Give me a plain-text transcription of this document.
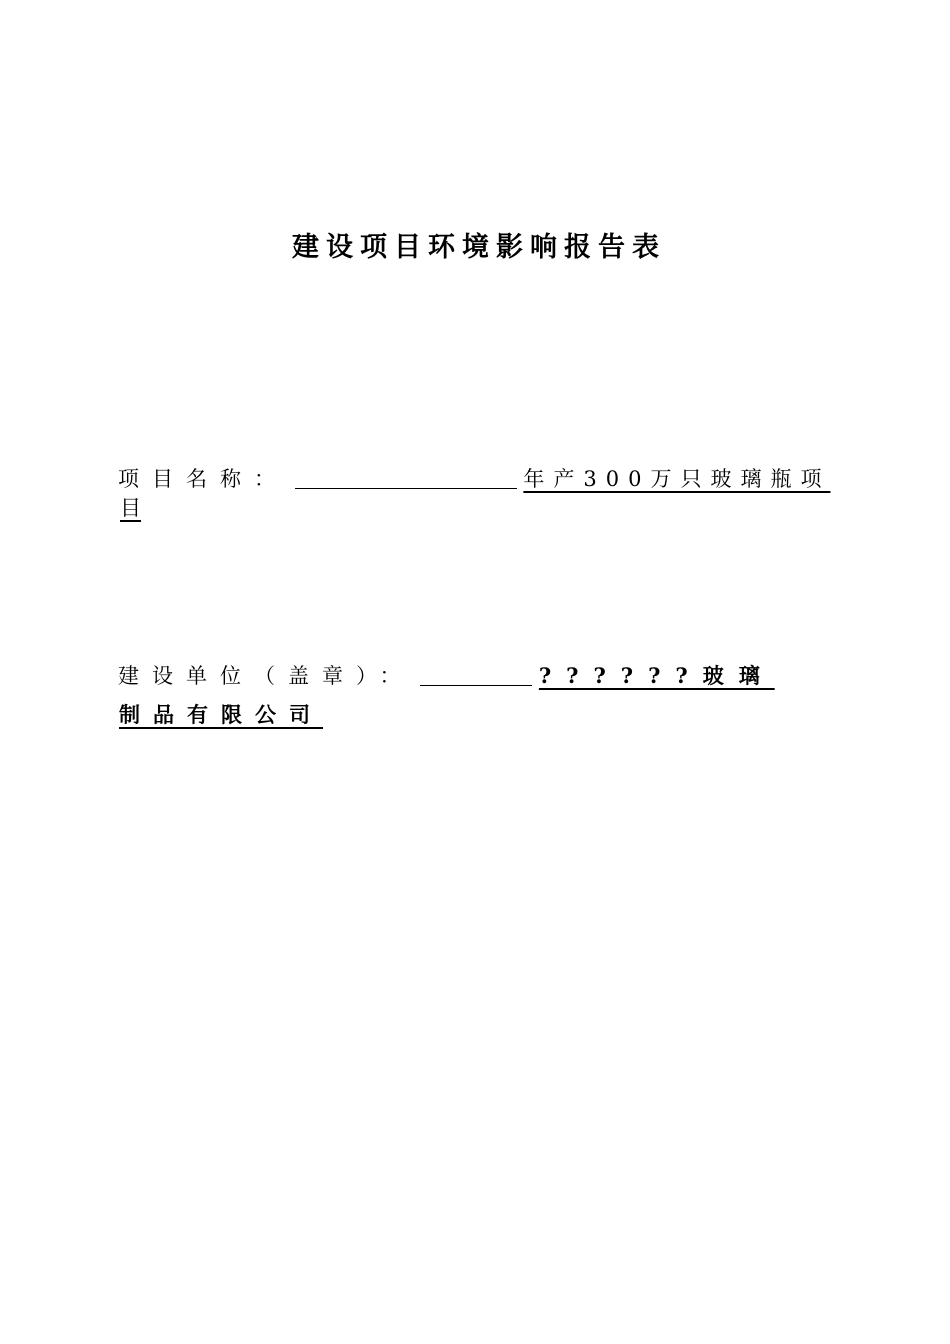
建设项目环境影响报告表
项目名称：	年产300万只玻璃瓶项
目
建设单位（盖章）：	??????玻璃
制品有限公司
